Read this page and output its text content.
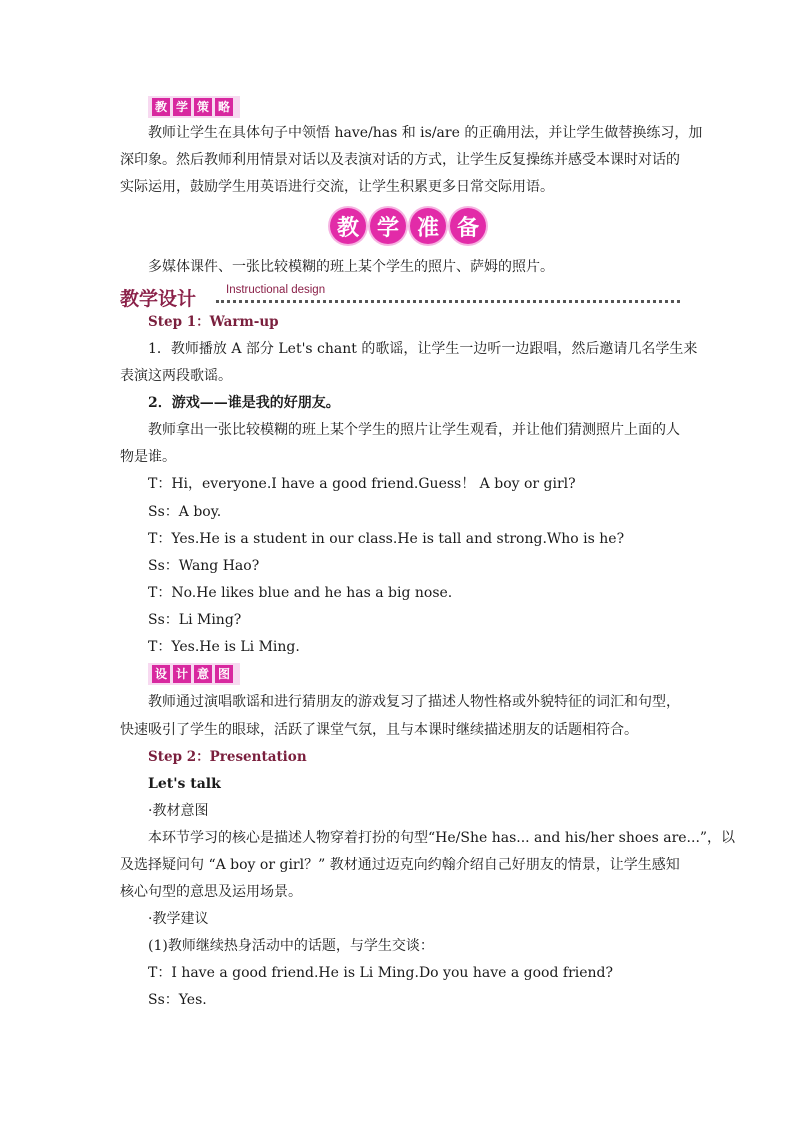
教 学 策 略
教师让学生在具体句子中领悟 have/has 和 is/are 的正确用法，并让学生做替换练习，加
深印象。然后教师利用情景对话以及表演对话的方式，让学生反复操练并感受本课时对话的
实际运用，鼓励学生用英语进行交流，让学生积累更多日常交际用语。
教 学 准 备
多媒体课件、一张比较模糊的班上某个学生的照片、萨姆的照片。
教学设计	Instructional design
Step 1：Warm-up
1．教师播放 A 部分 Let's chant 的歌谣，让学生一边听一边跟唱，然后邀请几名学生来
表演这两段歌谣。
2．游戏——谁是我的好朋友。
教师拿出一张比较模糊的班上某个学生的照片让学生观看，并让他们猜测照片上面的人
物是谁。
T：Hi，everyone.I have a good friend.Guess！ A boy or girl?
Ss：A boy.
T：Yes.He is a student in our class.He is tall and strong.Who is he?
Ss：Wang Hao?
T：No.He likes blue and he has a big nose.
Ss：Li Ming?
T：Yes.He is Li Ming.
设 计 意 图
教师通过演唱歌谣和进行猜朋友的游戏复习了描述人物性格或外貌特征的词汇和句型，
快速吸引了学生的眼球，活跃了课堂气氛，且与本课时继续描述朋友的话题相符合。
Step 2：Presentation
Let's talk
·教材意图
本环节学习的核心是描述人物穿着打扮的句型“He/She has... and his/her shoes are...”，以
及选择疑问句 “A boy or girl？” 教材通过迈克向约翰介绍自己好朋友的情景，让学生感知
核心句型的意思及运用场景。
·教学建议
(1)教师继续热身活动中的话题，与学生交谈：
T：I have a good friend.He is Li Ming.Do you have a good friend?
Ss：Yes.
